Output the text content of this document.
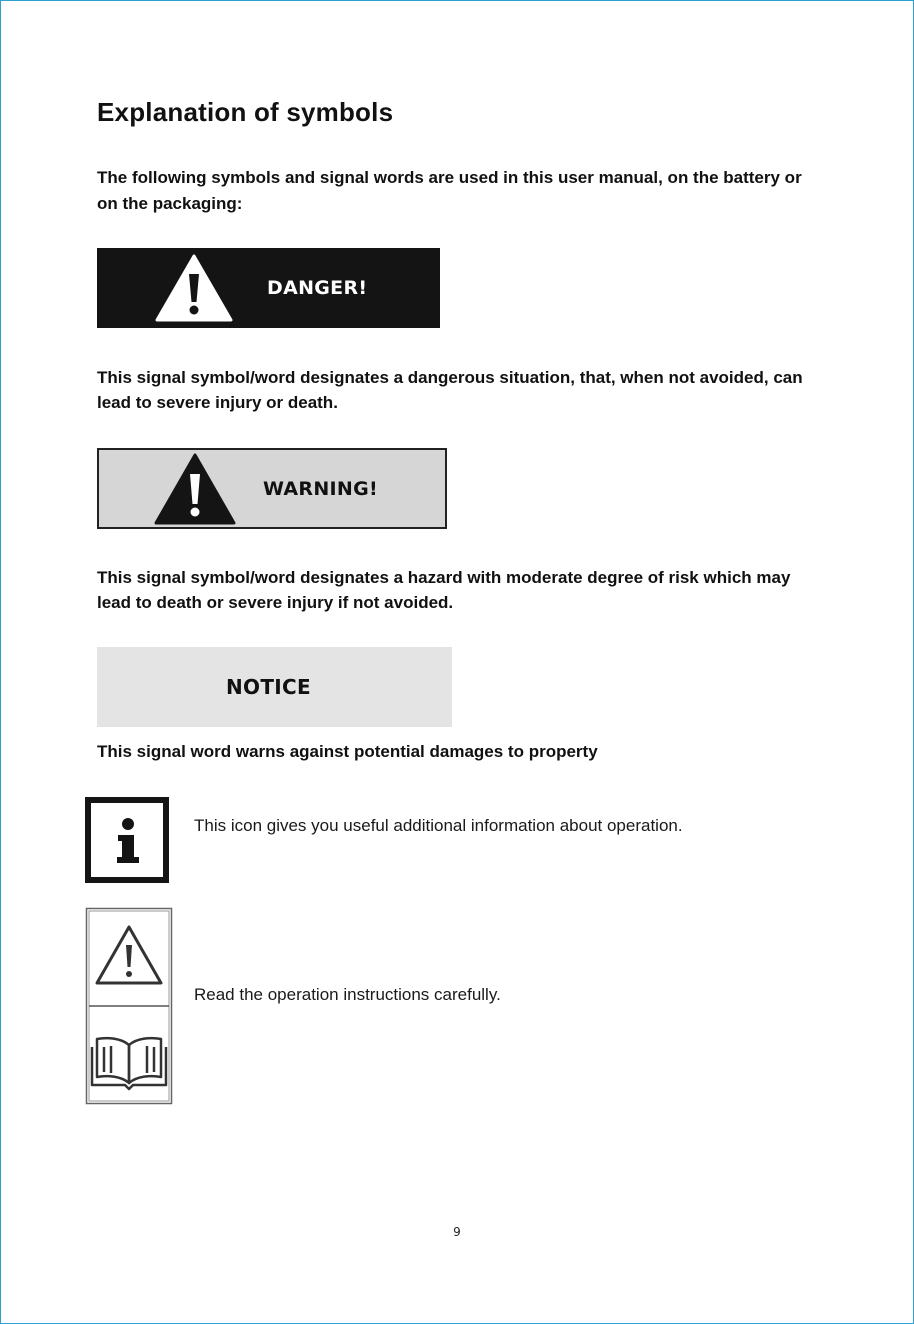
Explanation of symbols

The following symbols and signal words are used in this user manual, on the battery or on the packaging:

DANGER!

This signal symbol/word designates a dangerous situation, that, when not avoided, can lead to severe injury or death.

WARNING!

This signal symbol/word designates a hazard with moderate degree of risk which may lead to death or severe injury if not avoided.

NOTICE

This signal word warns against potential damages to property

This icon gives you useful additional information about operation.

Read the operation instructions carefully.

9
